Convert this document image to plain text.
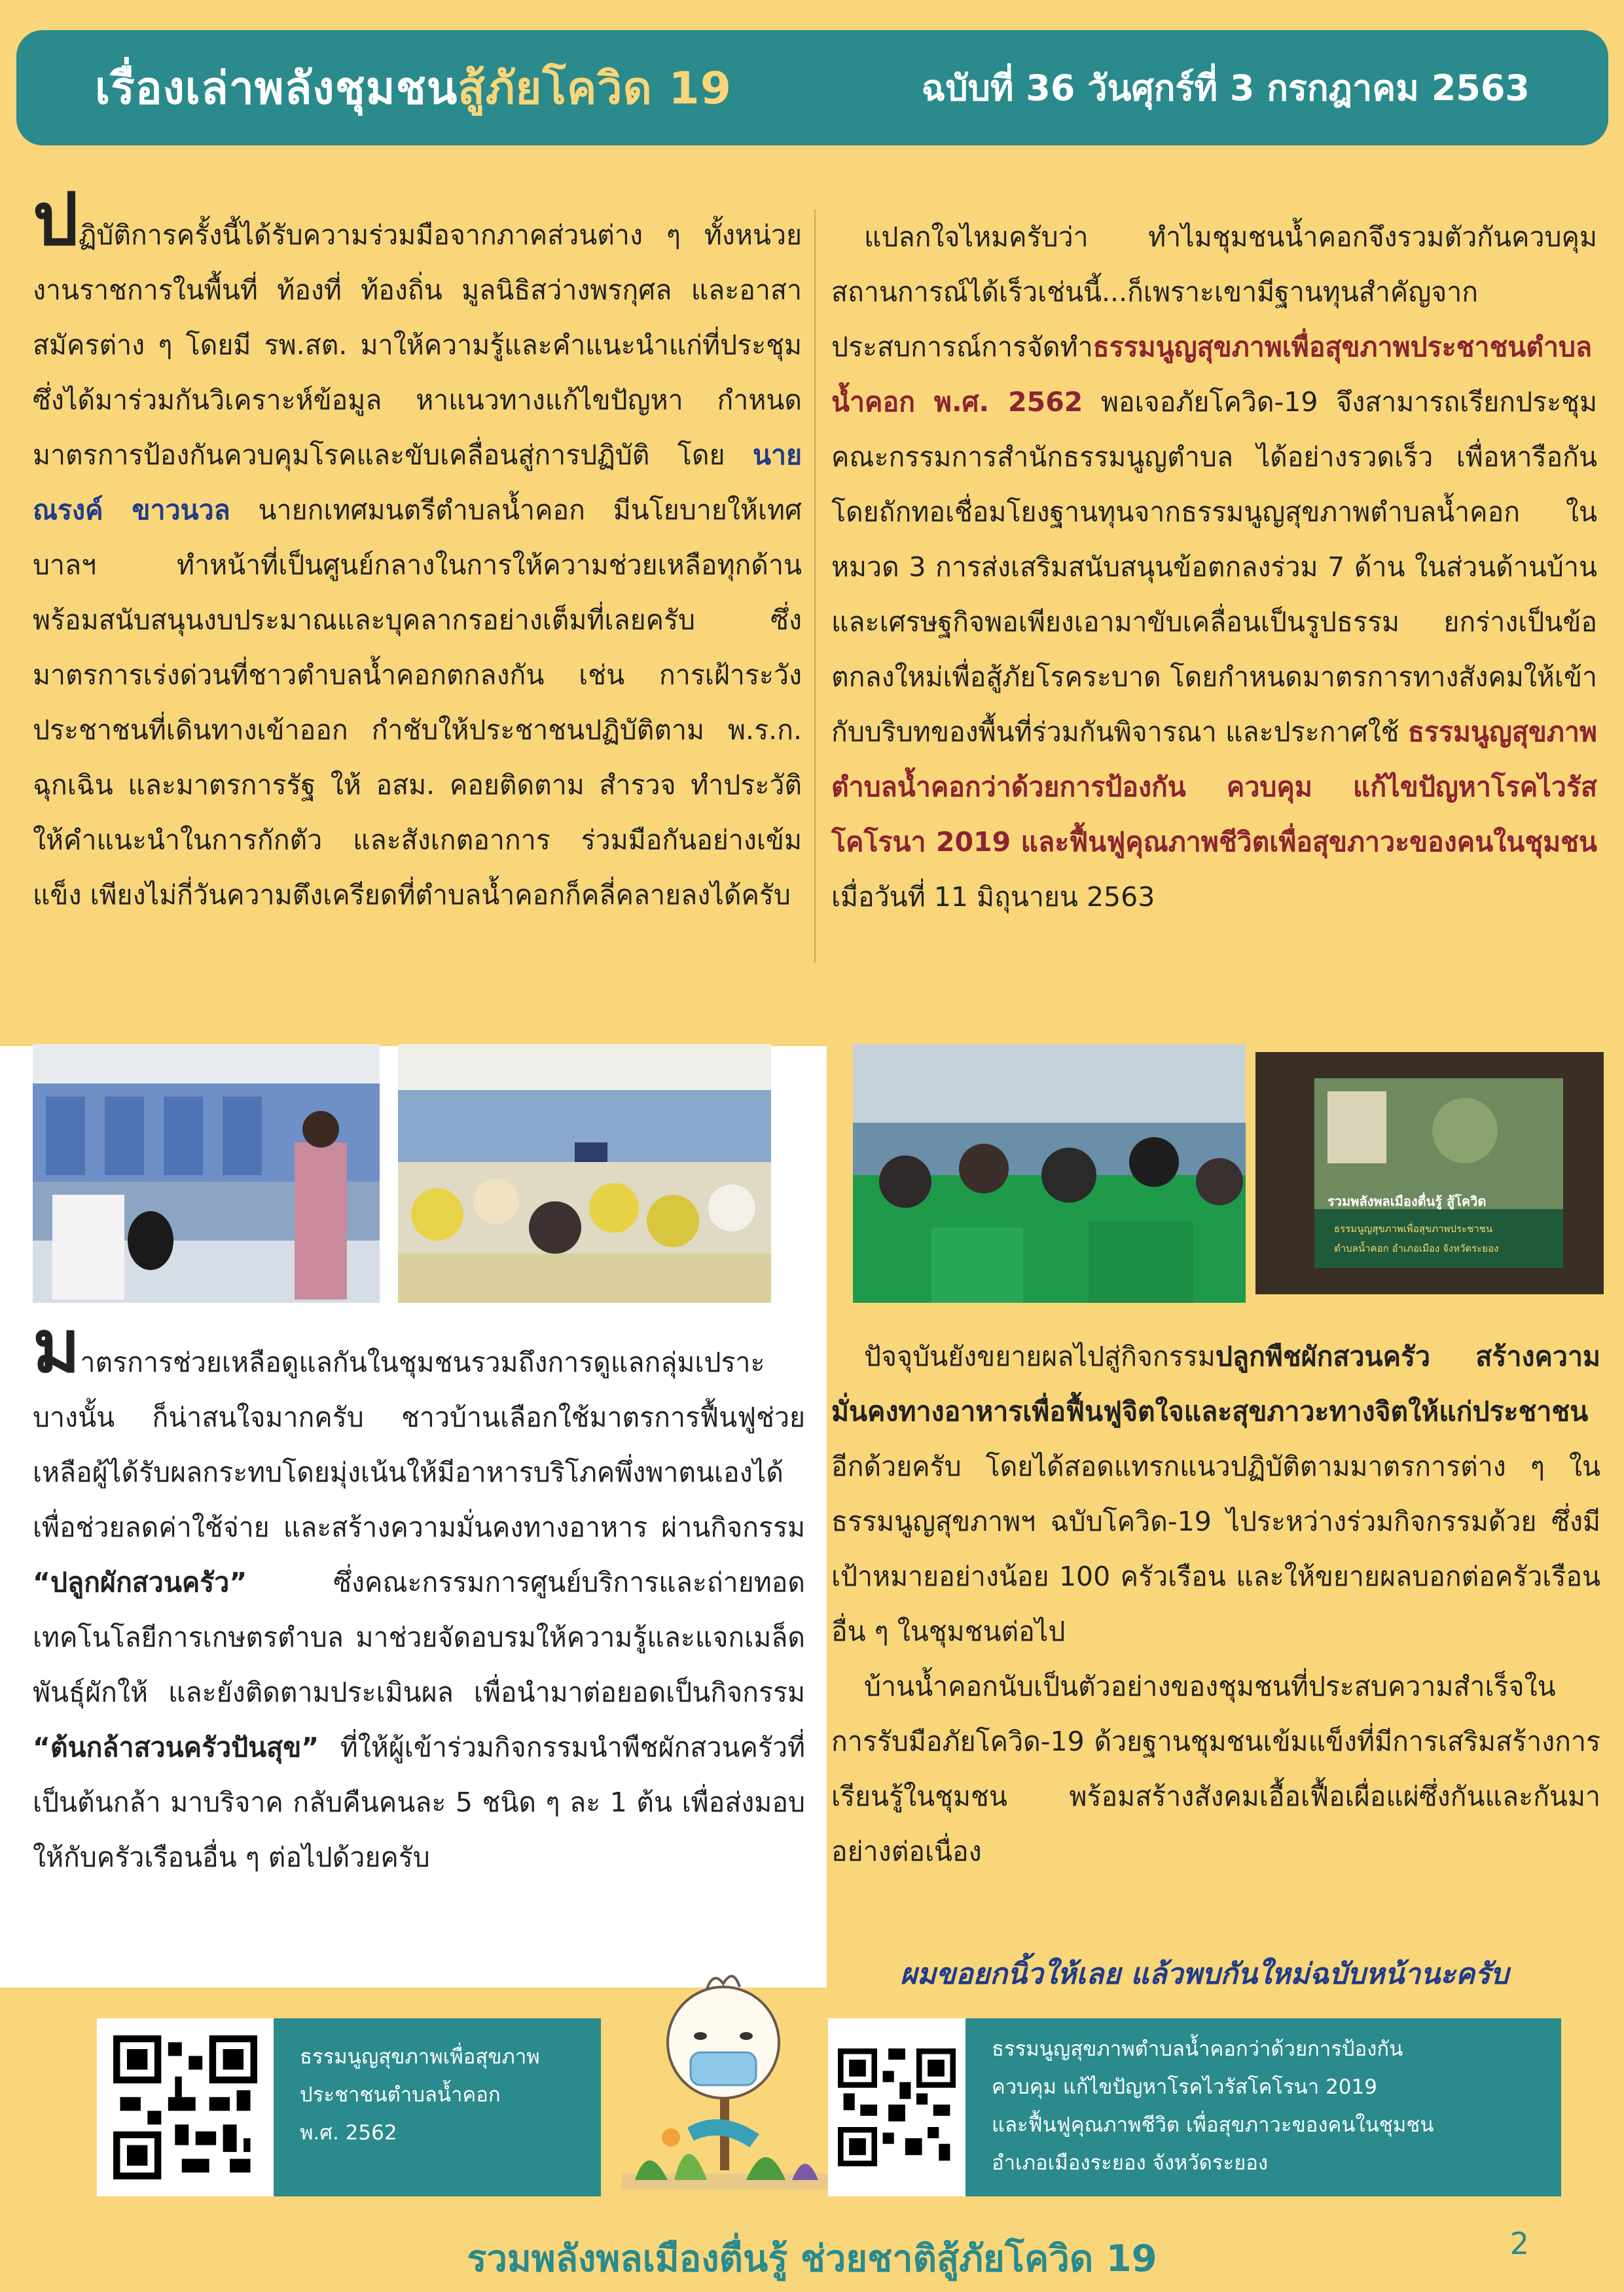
เรื่องเล่าพลังชุมชนสู้ภัยโควิด 19	ฉบับที่ 36 วันศุกร์ที่ 3 กรกฎาคม 2563

ปฏิบัติการครั้งนี้ได้รับความร่วมมือจากภาคส่วนต่าง ๆ ทั้งหน่วยงานราชการในพื้นที่ ท้องที่ ท้องถิ่น มูลนิธิสว่างพรกุศล และอาสาสมัครต่าง ๆ โดยมี รพ.สต. มาให้ความรู้และคำแนะนำแก่ที่ประชุม ซึ่งได้มาร่วมกันวิเคราะห์ข้อมูล หาแนวทางแก้ไขปัญหา กำหนดมาตรการป้องกันควบคุมโรคและขับเคลื่อนสู่การปฏิบัติ โดย นายณรงค์ ขาวนวล นายกเทศมนตรีตำบลน้ำคอก มีนโยบายให้เทศบาลฯ ทำหน้าที่เป็นศูนย์กลางในการให้ความช่วยเหลือทุกด้าน พร้อมสนับสนุนงบประมาณและบุคลากรอย่างเต็มที่เลยครับ ซึ่งมาตรการเร่งด่วนที่ชาวตำบลน้ำคอกตกลงกัน เช่น การเฝ้าระวังประชาชนที่เดินทางเข้าออก กำชับให้ประชาชนปฏิบัติตาม พ.ร.ก. ฉุกเฉิน และมาตรการรัฐ ให้ อสม. คอยติดตาม สำรวจ ทำประวัติ ให้คำแนะนำในการกักตัว และสังเกตอาการ ร่วมมือกันอย่างเข้มแข็ง เพียงไม่กี่วันความตึงเครียดที่ตำบลน้ำคอกก็คลี่คลายลงได้ครับ

แปลกใจไหมครับว่า ทำไมชุมชนน้ำคอกจึงรวมตัวกันควบคุมสถานการณ์ได้เร็วเช่นนี้...ก็เพราะเขามีฐานทุนสำคัญจากประสบการณ์การจัดทำธรรมนูญสุขภาพเพื่อสุขภาพประชาชนตำบลน้ำคอก พ.ศ. 2562 พอเจอภัยโควิด-19 จึงสามารถเรียกประชุมคณะกรรมการสำนักธรรมนูญตำบล ได้อย่างรวดเร็ว เพื่อหารือกัน โดยถักทอเชื่อมโยงฐานทุนจากธรรมนูญสุขภาพตำบลน้ำคอก ในหมวด 3 การส่งเสริมสนับสนุนข้อตกลงร่วม 7 ด้าน ในส่วนด้านบ้านและเศรษฐกิจพอเพียงเอามาขับเคลื่อนเป็นรูปธรรม ยกร่างเป็นข้อตกลงใหม่เพื่อสู้ภัยโรคระบาด โดยกำหนดมาตรการทางสังคมให้เข้ากับบริบทของพื้นที่ร่วมกันพิจารณา และประกาศใช้ ธรรมนูญสุขภาพตำบลน้ำคอกว่าด้วยการป้องกัน ควบคุม แก้ไขปัญหาโรคไวรัสโคโรนา 2019 และฟื้นฟูคุณภาพชีวิตเพื่อสุขภาวะของคนในชุมชน เมื่อวันที่ 11 มิถุนายน 2563

รวมพลังพลเมืองตื่นรู้ สู้โควิด
ธรรมนูญสุขภาพเพื่อสุขภาพประชาชน
ตำบลน้ำคอก อำเภอเมือง จังหวัดระยอง

มาตรการช่วยเหลือดูแลกันในชุมชนรวมถึงการดูแลกลุ่มเปราะบางนั้น ก็น่าสนใจมากครับ ชาวบ้านเลือกใช้มาตรการฟื้นฟูช่วยเหลือผู้ได้รับผลกระทบโดยมุ่งเน้นให้มีอาหารบริโภคพึ่งพาตนเองได้ เพื่อช่วยลดค่าใช้จ่าย และสร้างความมั่นคงทางอาหาร ผ่านกิจกรรม “ปลูกผักสวนครัว” ซึ่งคณะกรรมการศูนย์บริการและถ่ายทอดเทคโนโลยีการเกษตรตำบล มาช่วยจัดอบรมให้ความรู้และแจกเมล็ดพันธุ์ผักให้ และยังติดตามประเมินผล เพื่อนำมาต่อยอดเป็นกิจกรรม “ต้นกล้าสวนครัวปันสุข” ที่ให้ผู้เข้าร่วมกิจกรรมนำพืชผักสวนครัวที่เป็นต้นกล้า มาบริจาค กลับคืนคนละ 5 ชนิด ๆ ละ 1 ต้น เพื่อส่งมอบให้กับครัวเรือนอื่น ๆ ต่อไปด้วยครับ

ปัจจุบันยังขยายผลไปสู่กิจกรรมปลูกพืชผักสวนครัว สร้างความมั่นคงทางอาหารเพื่อฟื้นฟูจิตใจและสุขภาวะทางจิตให้แก่ประชาชน อีกด้วยครับ โดยได้สอดแทรกแนวปฏิบัติตามมาตรการต่าง ๆ ในธรรมนูญสุขภาพฯ ฉบับโควิด-19 ไประหว่างร่วมกิจกรรมด้วย ซึ่งมีเป้าหมายอย่างน้อย 100 ครัวเรือน และให้ขยายผลบอกต่อครัวเรือนอื่น ๆ ในชุมชนต่อไป

บ้านน้ำคอกนับเป็นตัวอย่างของชุมชนที่ประสบความสำเร็จในการรับมือภัยโควิด-19 ด้วยฐานชุมชนเข้มแข็งที่มีการเสริมสร้างการเรียนรู้ในชุมชน พร้อมสร้างสังคมเอื้อเฟื้อเผื่อแผ่ซึ่งกันและกันมาอย่างต่อเนื่อง

ผมขอยกนิ้วให้เลย แล้วพบกันใหม่ฉบับหน้านะครับ
ธรรมนูญสุขภาพเพื่อสุขภาพ
ประชาชนตำบลน้ำคอก
พ.ศ. 2562
ธรรมนูญสุขภาพตำบลน้ำคอกว่าด้วยการป้องกัน
ควบคุม แก้ไขปัญหาโรคไวรัสโคโรนา 2019
และฟื้นฟูคุณภาพชีวิต เพื่อสุขภาวะของคนในชุมชน
อำเภอเมืองระยอง จังหวัดระยอง
รวมพลังพลเมืองตื่นรู้ ช่วยชาติสู้ภัยโควิด 19	2
